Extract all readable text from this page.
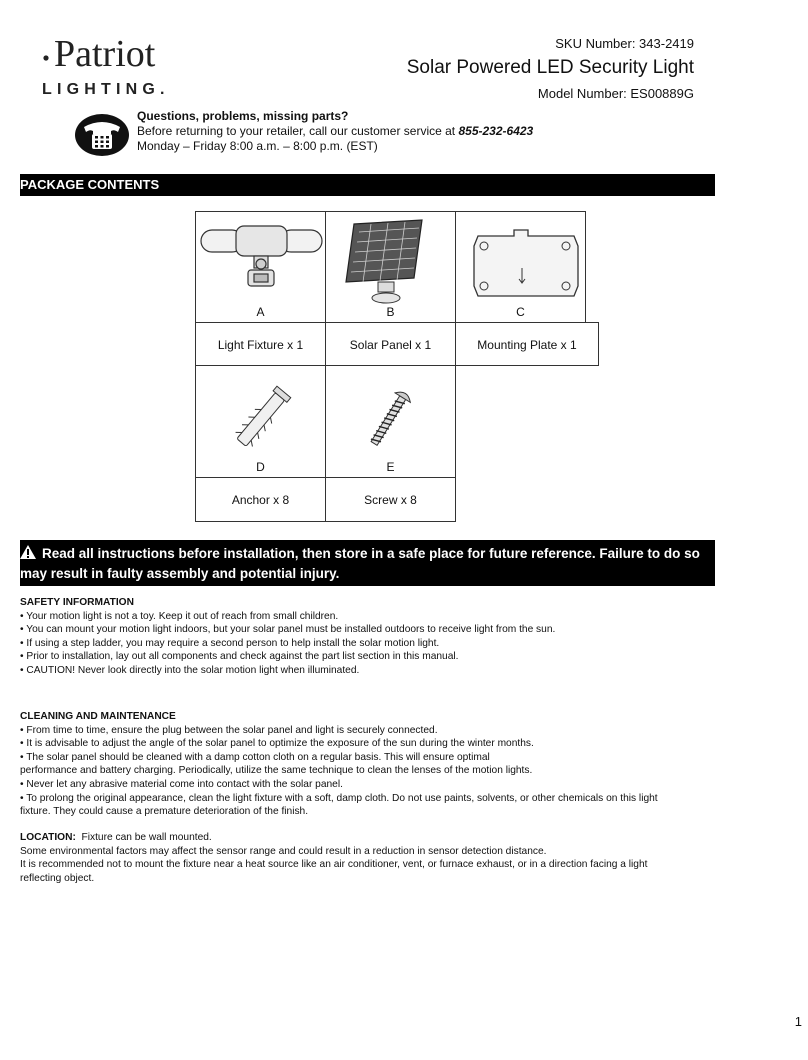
Patriot
LIGHTING.
SKU Number: 343-2419
Solar Powered LED Security Light
Model Number: ES00889G
Questions, problems, missing parts?
Before returning to your retailer, call our customer service at 855-232-6423
Monday – Friday 8:00 a.m. – 8:00 p.m. (EST)
PACKAGE CONTENTS
A	B	C
Light Fixture x 1	Solar Panel x 1	Mounting Plate x 1
D	E
Anchor x 8	Screw x 8
Read all instructions before installation, then store in a safe place for future reference. Failure to do so may result in faulty assembly and potential injury.

SAFETY INFORMATION

• Your motion light is not a toy. Keep it out of reach from small children.

• You can mount your motion light indoors, but your solar panel must be installed outdoors to receive light from the sun.

• If using a step ladder, you may require a second person to help install the solar motion light.

• Prior to installation, lay out all components and check against the part list section in this manual.

• CAUTION! Never look directly into the solar motion light when illuminated.

CLEANING AND MAINTENANCE

• From time to time, ensure the plug between the solar panel and light is securely connected.

• It is advisable to adjust the angle of the solar panel to optimize the exposure of the sun during the winter months.

• The solar panel should be cleaned with a damp cotton cloth on a regular basis. This will ensure optimal

performance and battery charging. Periodically, utilize the same technique to clean the lenses of the motion lights.

• Never let any abrasive material come into contact with the solar panel.

• To prolong the original appearance, clean the light fixture with a soft, damp cloth. Do not use paints, solvents, or other chemicals on this light

fixture. They could cause a premature deterioration of the finish.

LOCATION:  Fixture can be wall mounted.

Some environmental factors may affect the sensor range and could result in a reduction in sensor detection distance.

It is recommended not to mount the fixture near a heat source like an air conditioner, vent, or furnace exhaust, or in a direction facing a light

reflecting object.

1
